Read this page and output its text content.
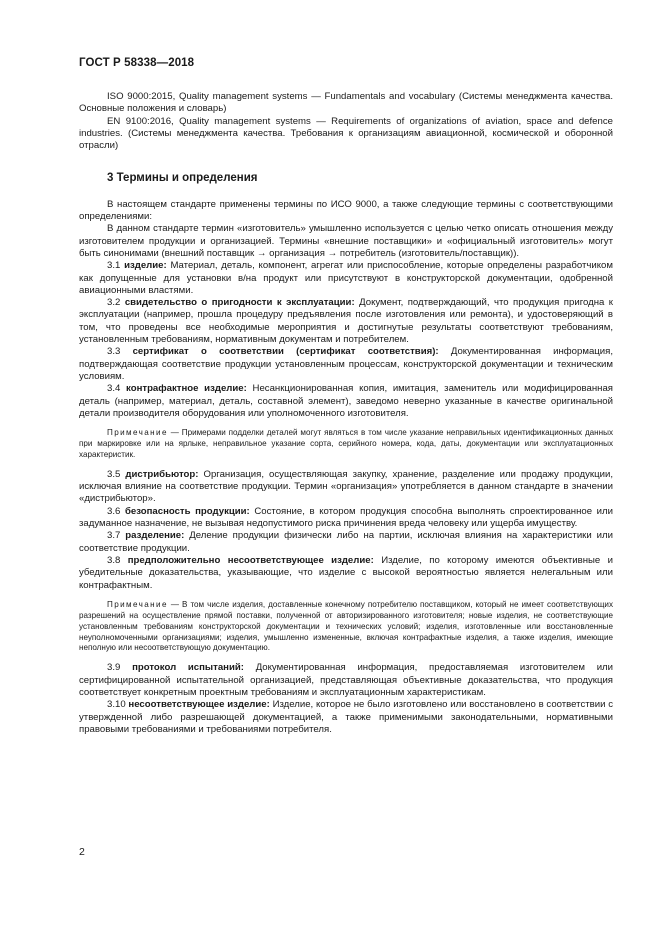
ГОСТ Р 58338—2018

ISO 9000:2015, Quality management systems — Fundamentals and vocabulary (Системы менеджмента качества. Основные положения и словарь)

EN 9100:2016, Quality management systems — Requirements of organizations of aviation, space and defence industries. (Системы менеджмента качества. Требования к организациям авиационной, космической и оборонной отрасли)

3 Термины и определения

В настоящем стандарте применены термины по ИСО 9000, а также следующие термины с соответствующими определениями:

В данном стандарте термин «изготовитель» умышленно используется с целью четко описать отношения между изготовителем продукции и организацией. Термины «внешние поставщики» и «официальный изготовитель» могут быть синонимами (внешний поставщик → организация → потребитель (изготовитель/поставщик)).

3.1 изделие: Материал, деталь, компонент, агрегат или приспособление, которые определены разработчиком как допущенные для установки в/на продукт или присутствуют в конструкторской документации, одобренной авиационными властями.

3.2 свидетельство о пригодности к эксплуатации: Документ, подтверждающий, что продукция пригодна к эксплуатации (например, прошла процедуру предъявления после изготовления или ремонта), и удостоверяющий в том, что проведены все необходимые мероприятия и достигнутые результаты соответствуют требованиям, установленным требованиям, нормативным документам и потребителем.

3.3 сертификат о соответствии (сертификат соответствия): Документированная информация, подтверждающая соответствие продукции установленным процессам, конструкторской документации и техническим условиям.

3.4 контрафактное изделие: Несанкционированная копия, имитация, заменитель или модифицированная деталь (например, материал, деталь, составной элемент), заведомо неверно указанные в качестве оригинальной детали производителя оборудования или уполномоченного изготовителя.

Примечание — Примерами подделки деталей могут являться в том числе указание неправильных идентификационных данных при маркировке или на ярлыке, неправильное указание сорта, серийного номера, кода, даты, документации или эксплуатационных характеристик.

3.5 дистрибьютор: Организация, осуществляющая закупку, хранение, разделение или продажу продукции, исключая влияние на соответствие продукции. Термин «организация» употребляется в данном стандарте в значении «дистрибьютор».

3.6 безопасность продукции: Состояние, в котором продукция способна выполнять спроектированное или задуманное назначение, не вызывая недопустимого риска причинения вреда человеку или ущерба имуществу.

3.7 разделение: Деление продукции физически либо на партии, исключая влияния на характеристики или соответствие продукции.

3.8 предположительно несоответствующее изделие: Изделие, по которому имеются объективные и убедительные доказательства, указывающие, что изделие с высокой вероятностью является нелегальным или контрафактным.

Примечание — В том числе изделия, доставленные конечному потребителю поставщиком, который не имеет соответствующих разрешений на осуществление прямой поставки, полученной от авторизированного изготовителя; новые изделия, не соответствующие установленным требованиям конструкторской документации и технических условий; изделия, изготовленные или восстановленные неуполномоченными организациями; изделия, умышленно измененные, включая контрафактные изделия, а также изделия, имеющие неполную или несоответствующую документацию.

3.9 протокол испытаний: Документированная информация, предоставляемая изготовителем или сертифицированной испытательной организацией, представляющая объективные доказательства, что продукция соответствует конкретным проектным требованиям и эксплуатационным характеристикам.

3.10 несоответствующее изделие: Изделие, которое не было изготовлено или восстановлено в соответствии с утвержденной либо разрешающей документацией, а также применимыми законодательными, нормативными правовыми требованиями и требованиями потребителя.

2
